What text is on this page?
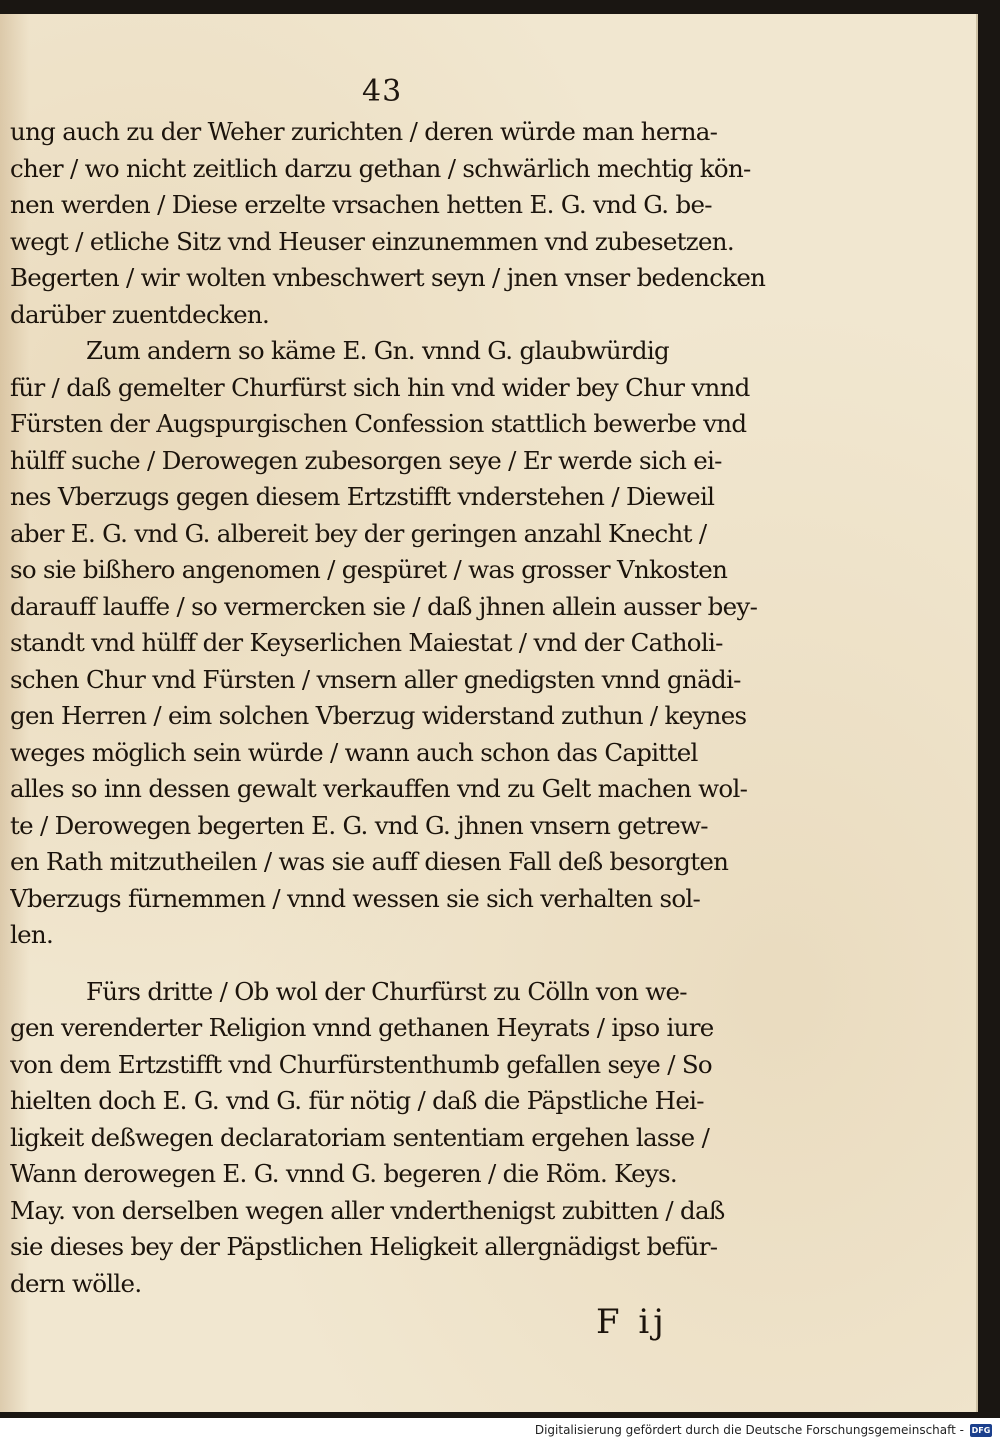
43
ung auch zu der Weher zurichten / deren würde man herna-
cher / wo nicht zeitlich darzu gethan / schwärlich mechtig kön-
nen werden / Diese erzelte vrsachen hetten E. G. vnd G. be-
wegt / etliche Sitz vnd Heuser einzunemmen vnd zubesetzen.
Begerten / wir wolten vnbeschwert seyn / jnen vnser bedencken
darüber zuentdecken.
Zum andern so käme E. Gn. vnnd G. glaubwürdig
für / daß gemelter Churfürst sich hin vnd wider bey Chur vnnd
Fürsten der Augspurgischen Confession stattlich bewerbe vnd
hülff suche / Derowegen zubesorgen seye / Er werde sich ei-
nes Vberzugs gegen diesem Ertzstifft vnderstehen / Dieweil
aber E. G. vnd G. albereit bey der geringen anzahl Knecht /
so sie bißhero angenomen / gespüret / was grosser Vnkosten
darauff lauffe / so vermercken sie / daß jhnen allein ausser bey-
standt vnd hülff der Keyserlichen Maiestat / vnd der Catholi-
schen Chur vnd Fürsten / vnsern aller gnedigsten vnnd gnädi-
gen Herren / eim solchen Vberzug widerstand zuthun / keynes
weges möglich sein würde / wann auch schon das Capittel
alles so inn dessen gewalt verkauffen vnd zu Gelt machen wol-
te / Derowegen begerten E. G. vnd G. jhnen vnsern getrew-
en Rath mitzutheilen / was sie auff diesen Fall deß besorgten
Vberzugs fürnemmen / vnnd wessen sie sich verhalten sol-
len.
Fürs dritte / Ob wol der Churfürst zu Cölln von we-
gen verenderter Religion vnnd gethanen Heyrats / ipso iure
von dem Ertzstifft vnd Churfürstenthumb gefallen seye / So
hielten doch E. G. vnd G. für nötig / daß die Päpstliche Hei-
ligkeit deßwegen declaratoriam sententiam ergehen lasse /
Wann derowegen E. G. vnnd G. begeren / die Röm. Keys.
May. von derselben wegen aller vnderthenigst zubitten / daß
sie dieses bey der Päpstlichen Heligkeit allergnädigst befür-
dern wölle.
F ij
Digitalisierung gefördert durch die Deutsche Forschungsgemeinschaft - DFG
